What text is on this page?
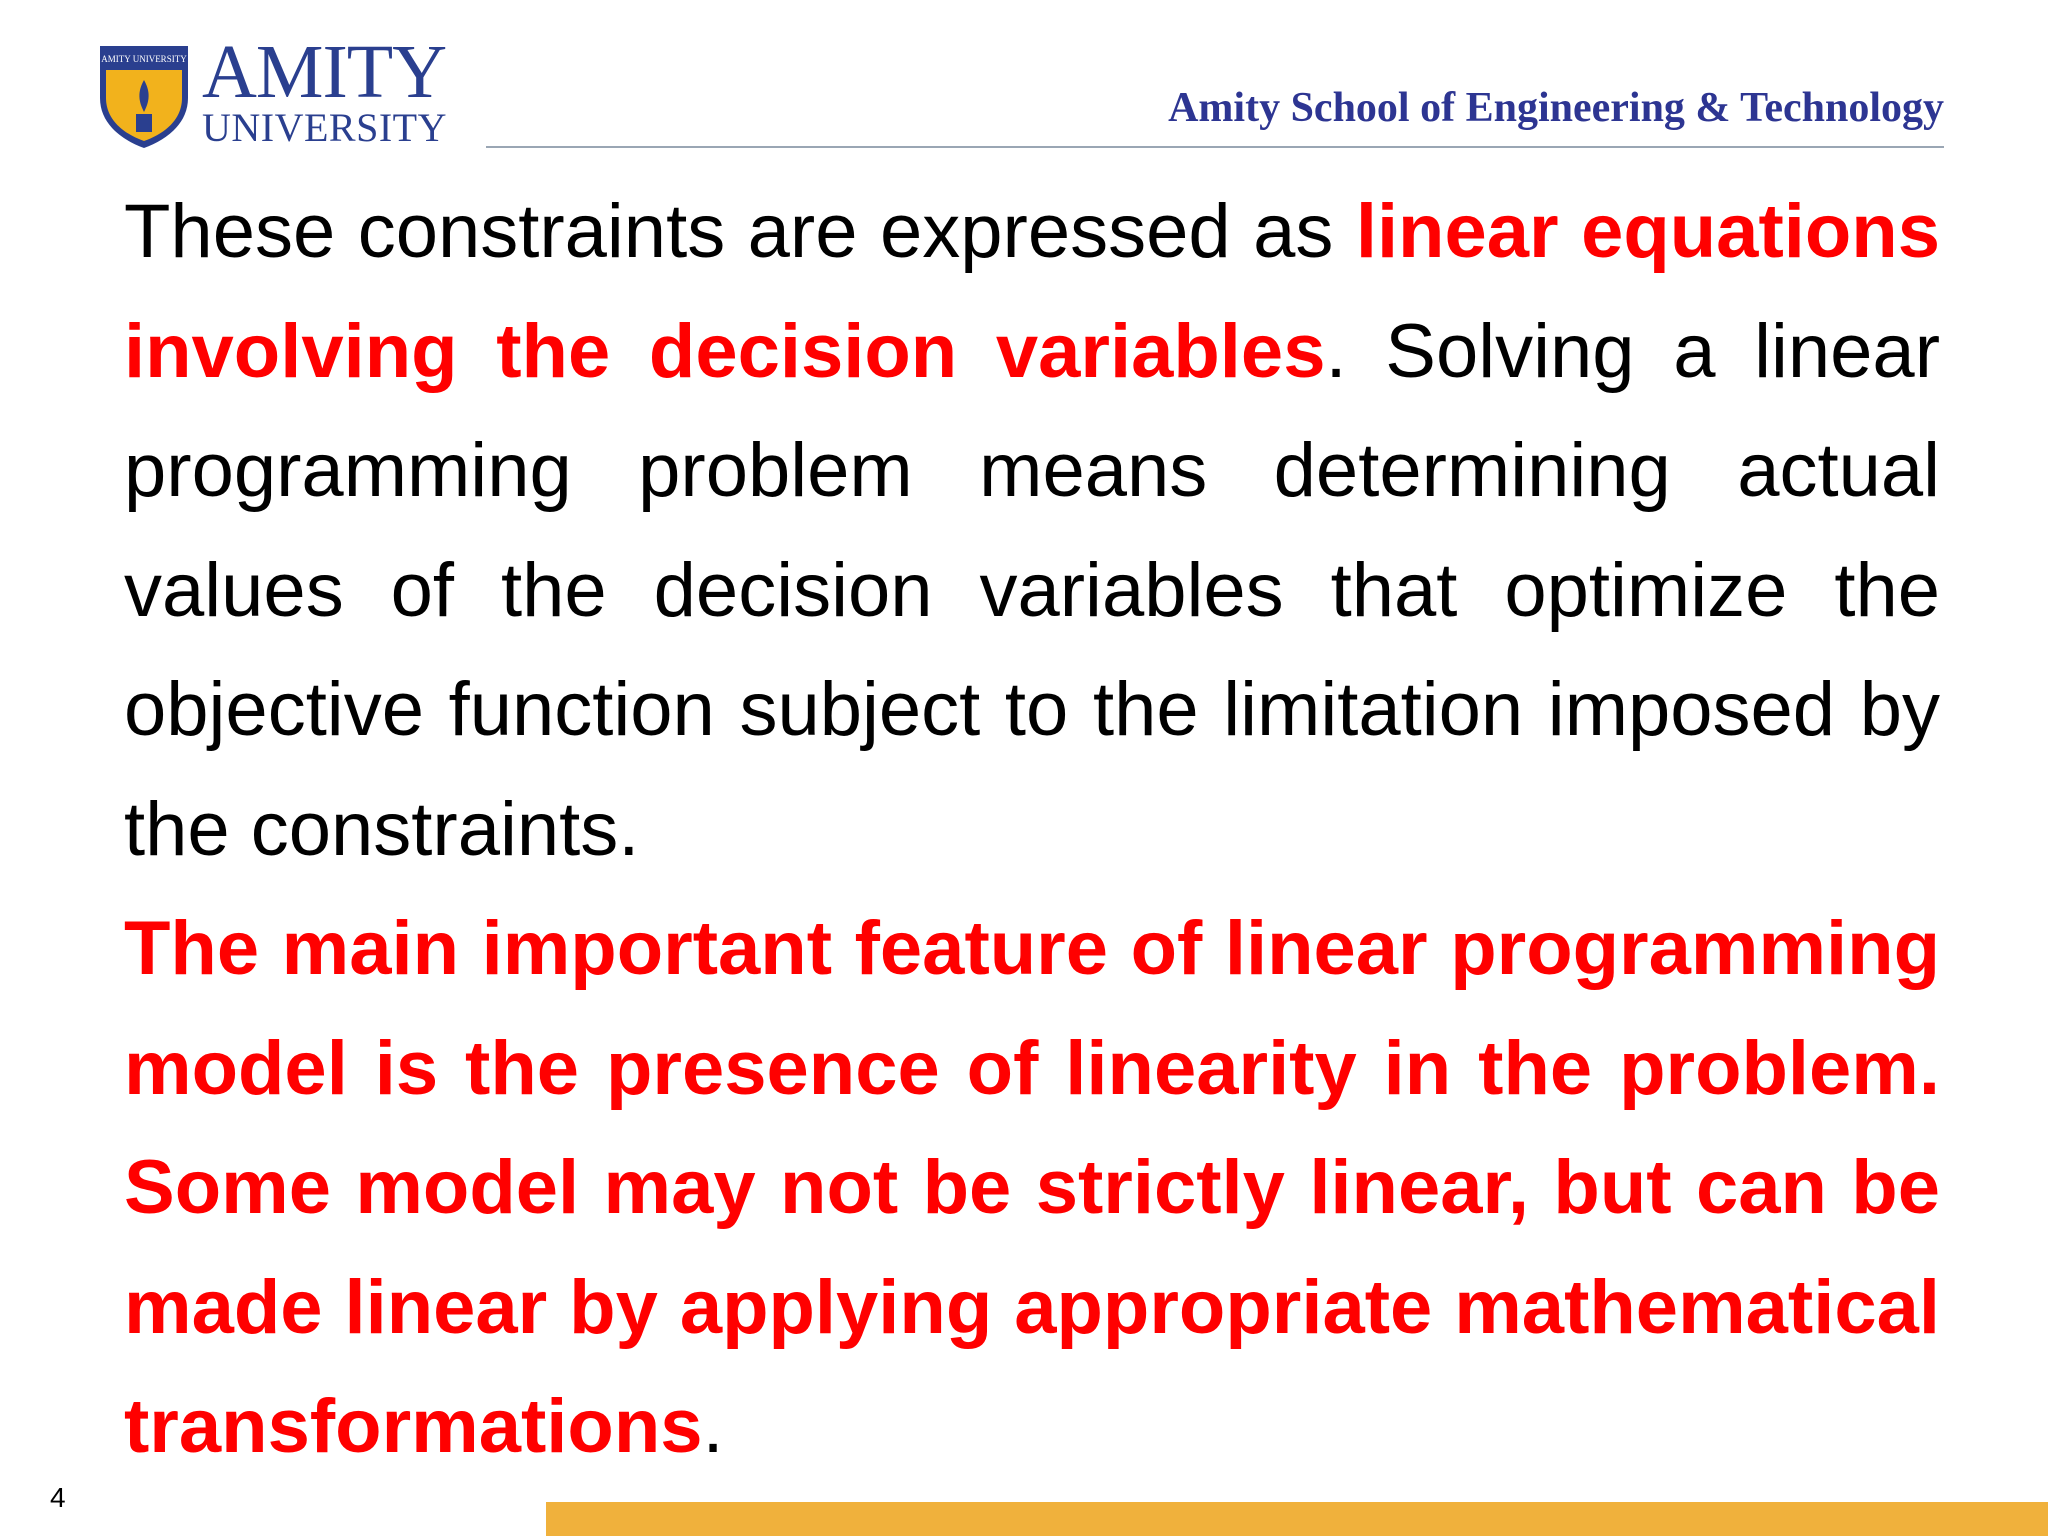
AMITY UNIVERSITY AMITY
UNIVERSITY	Amity School of Engineering & Technology

These constraints are expressed as linear equations involving the decision variables. Solving a linear programming problem means determining actual values of the decision variables that optimize the objective function subject to the limitation imposed by the constraints.

The main important feature of linear programming model is the presence of linearity in the problem. Some model may not be strictly linear, but can be made linear by applying appropriate mathematical transformations.

4
